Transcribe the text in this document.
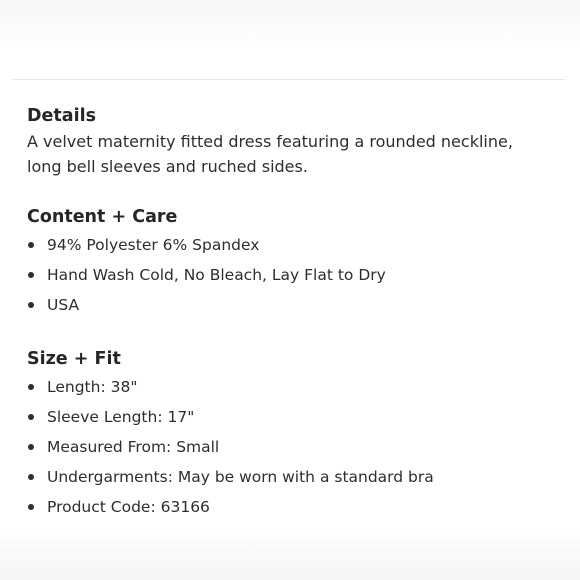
Details

A velvet maternity fitted dress featuring a rounded neckline, long bell sleeves and ruched sides.

Content + Care
94% Polyester 6% Spandex
Hand Wash Cold, No Bleach, Lay Flat to Dry
USA
Size + Fit
Length: 38"
Sleeve Length: 17"
Measured From: Small
Undergarments: May be worn with a standard bra
Product Code: 63166
